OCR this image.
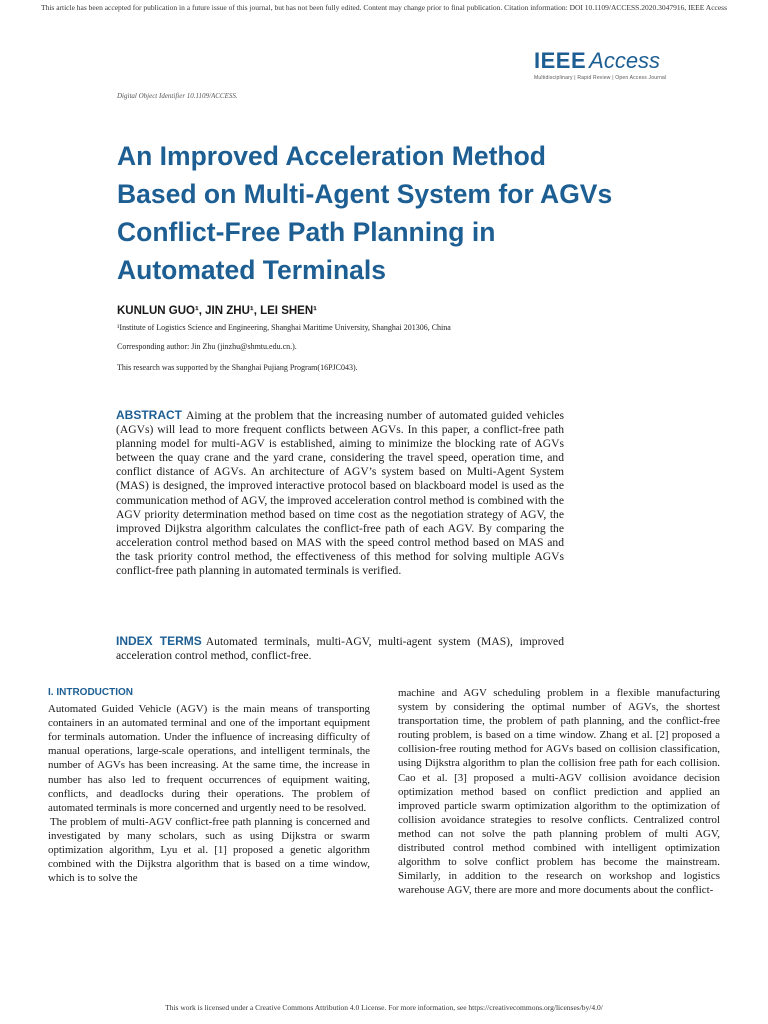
This article has been accepted for publication in a future issue of this journal, but has not been fully edited. Content may change prior to final publication. Citation information: DOI 10.1109/ACCESS.2020.3047916, IEEE Access
IEEE Access
Multidisciplinary | Rapid Review | Open Access Journal
Digital Object Identifier 10.1109/ACCESS.
An Improved Acceleration Method
Based on Multi-Agent System for AGVs
Conflict-Free Path Planning in
Automated Terminals
KUNLUN GUO¹, JIN ZHU¹, LEI SHEN¹
¹Institute of Logistics Science and Engineering, Shanghai Maritime University, Shanghai 201306, China
Corresponding author: Jin Zhu (jinzhu@shmtu.edu.cn.).
This research was supported by the Shanghai Pujiang Program(16PJC043).
ABSTRACT Aiming at the problem that the increasing number of automated guided vehicles (AGVs) will lead to more frequent conflicts between AGVs. In this paper, a conflict-free path planning model for multi-AGV is established, aiming to minimize the blocking rate of AGVs between the quay crane and the yard crane, considering the travel speed, operation time, and conflict distance of AGVs. An architecture of AGV’s system based on Multi-Agent System (MAS) is designed, the improved interactive protocol based on blackboard model is used as the communication method of AGV, the improved acceleration control method is combined with the AGV priority determination method based on time cost as the negotiation strategy of AGV, the improved Dijkstra algorithm calculates the conflict-free path of each AGV. By comparing the acceleration control method based on MAS with the speed control method based on MAS and the task priority control method, the effectiveness of this method for solving multiple AGVs conflict-free path planning in automated terminals is verified.
INDEX TERMS Automated terminals, multi-AGV, multi-agent system (MAS), improved acceleration control method, conflict-free.
I. INTRODUCTION

Automated Guided Vehicle (AGV) is the main means of transporting containers in an automated terminal and one of the important equipment for terminals automation. Under the influence of increasing difficulty of manual operations, large-scale operations, and intelligent terminals, the number of AGVs has been increasing. At the same time, the increase in number has also led to frequent occurrences of equipment waiting, conflicts, and deadlocks during their operations. The problem of automated terminals is more concerned and urgently need to be resolved.

The problem of multi-AGV conflict-free path planning is concerned and investigated by many scholars, such as using Dijkstra or swarm optimization algorithm, Lyu et al. [1] proposed a genetic algorithm combined with the Dijkstra algorithm that is based on a time window, which is to solve the

machine and AGV scheduling problem in a flexible manufacturing system by considering the optimal number of AGVs, the shortest transportation time, the problem of path planning, and the conflict-free routing problem, is based on a time window. Zhang et al. [2] proposed a collision-free routing method for AGVs based on collision classification, using Dijkstra algorithm to plan the collision free path for each collision. Cao et al. [3] proposed a multi-AGV collision avoidance decision optimization method based on conflict prediction and applied an improved particle swarm optimization algorithm to the optimization of collision avoidance strategies to resolve conflicts. Centralized control method can not solve the path planning problem of multi AGV, distributed control method combined with intelligent optimization algorithm to solve conflict problem has become the mainstream. Similarly, in addition to the research on workshop and logistics warehouse AGV, there are more and more documents about the conflict-

This work is licensed under a Creative Commons Attribution 4.0 License. For more information, see https://creativecommons.org/licenses/by/4.0/
